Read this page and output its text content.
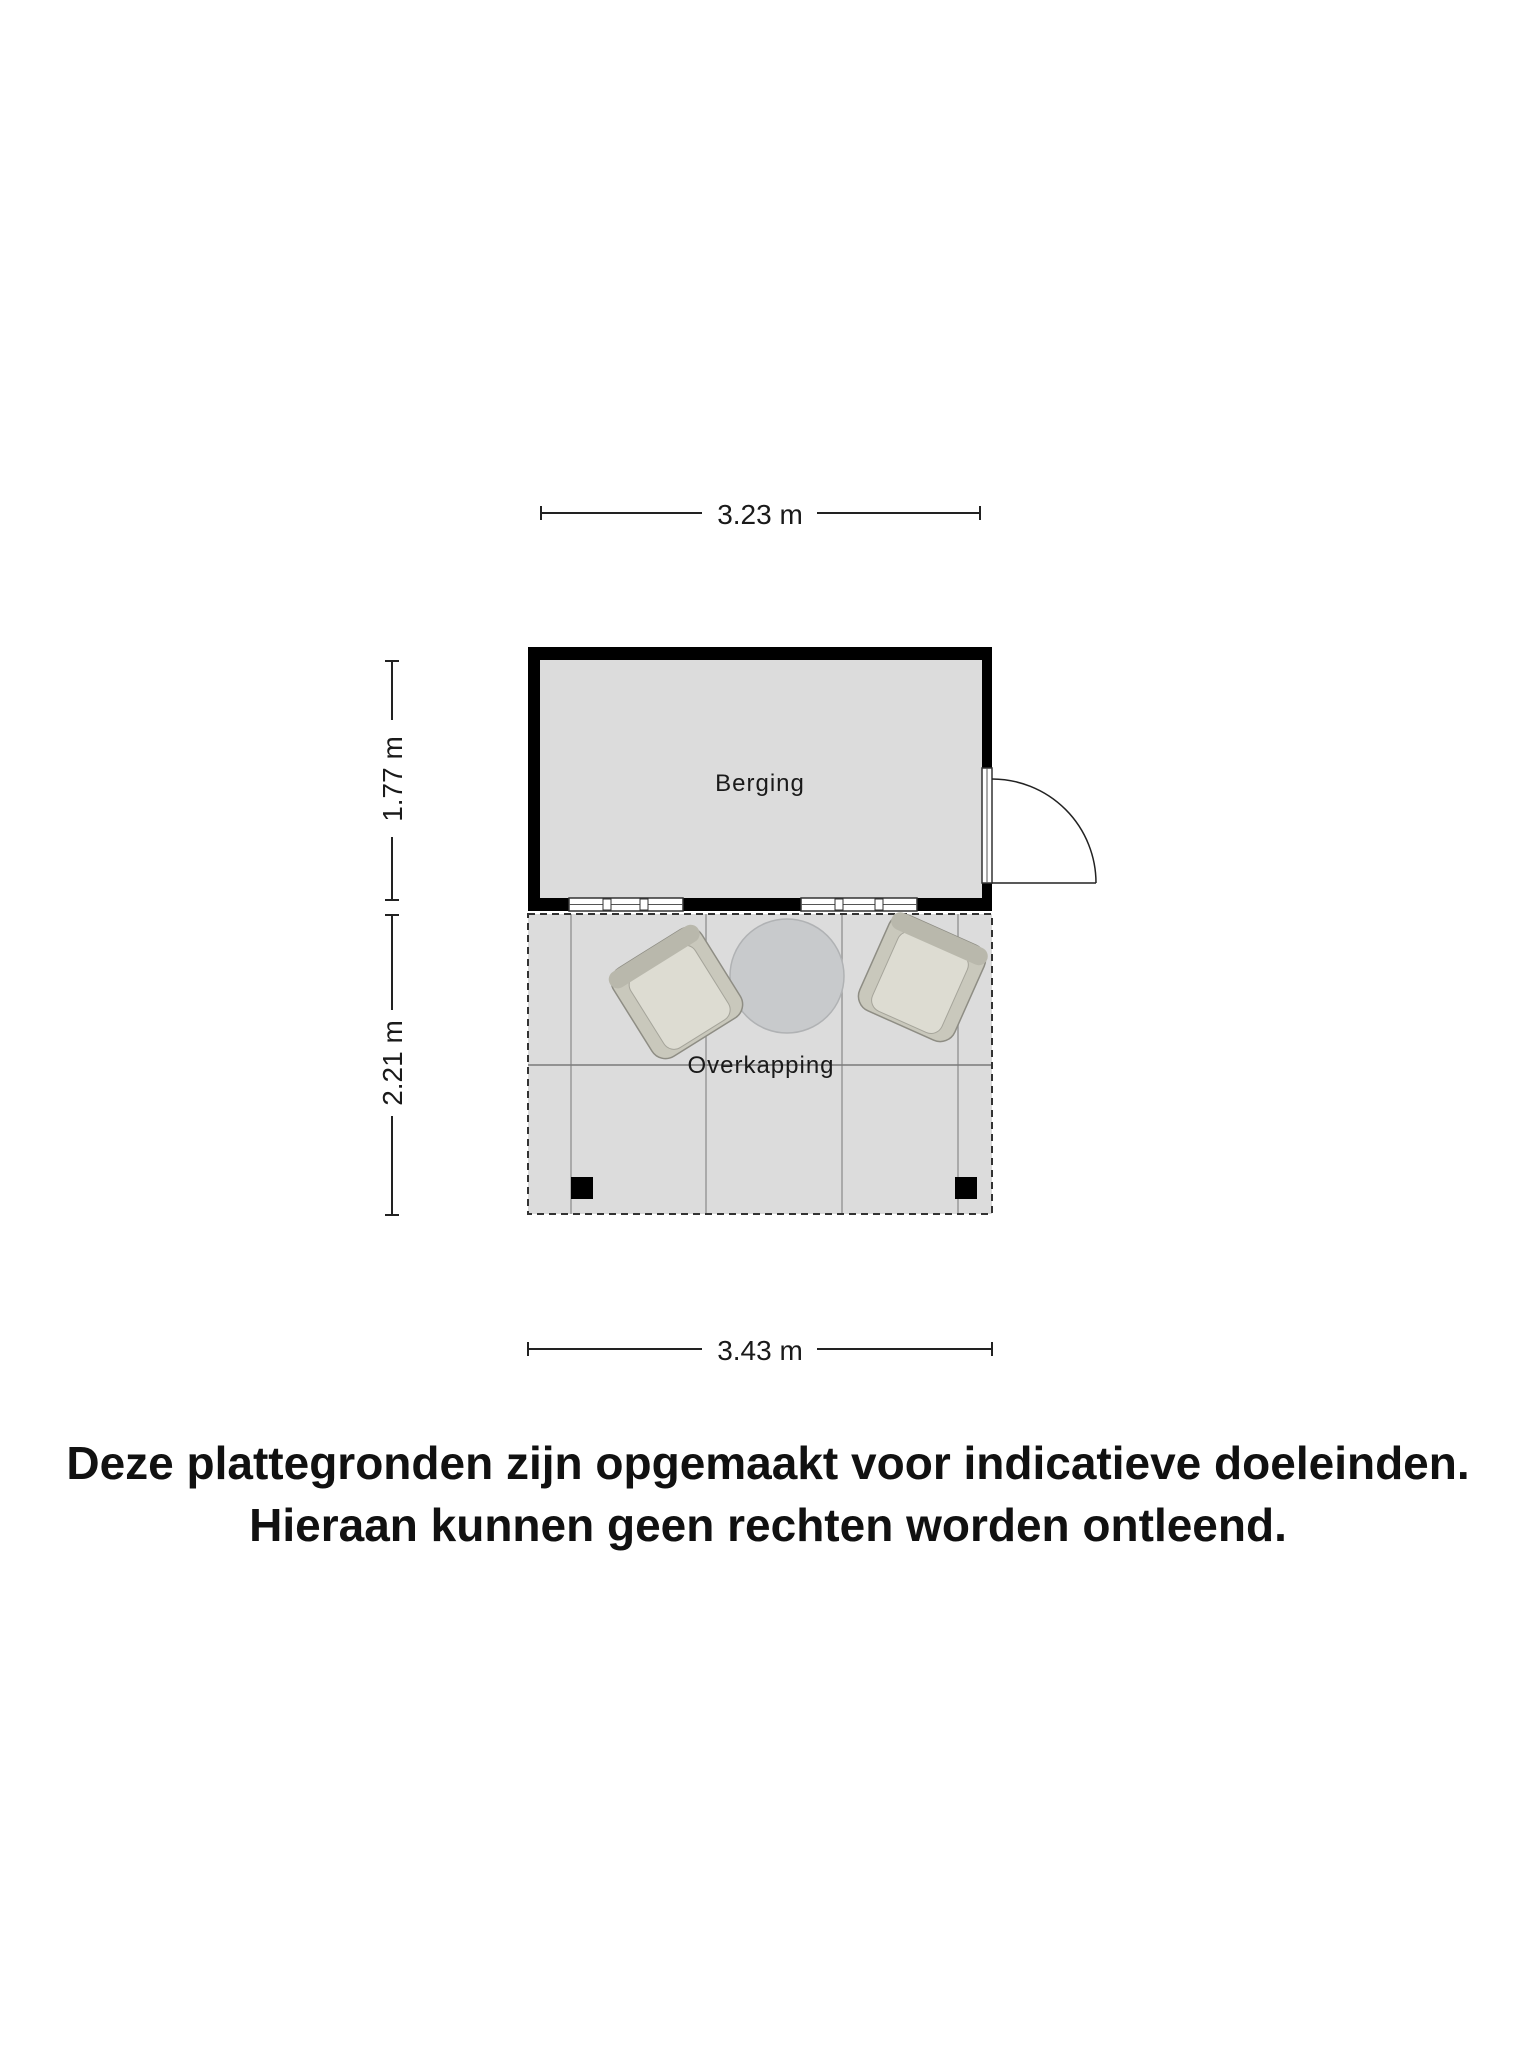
3.23 m
1.77 m
2.21 m
Berging
Overkapping
3.43 m
Deze plattegronden zijn opgemaakt voor indicatieve doeleinden.
Hieraan kunnen geen rechten worden ontleend.
